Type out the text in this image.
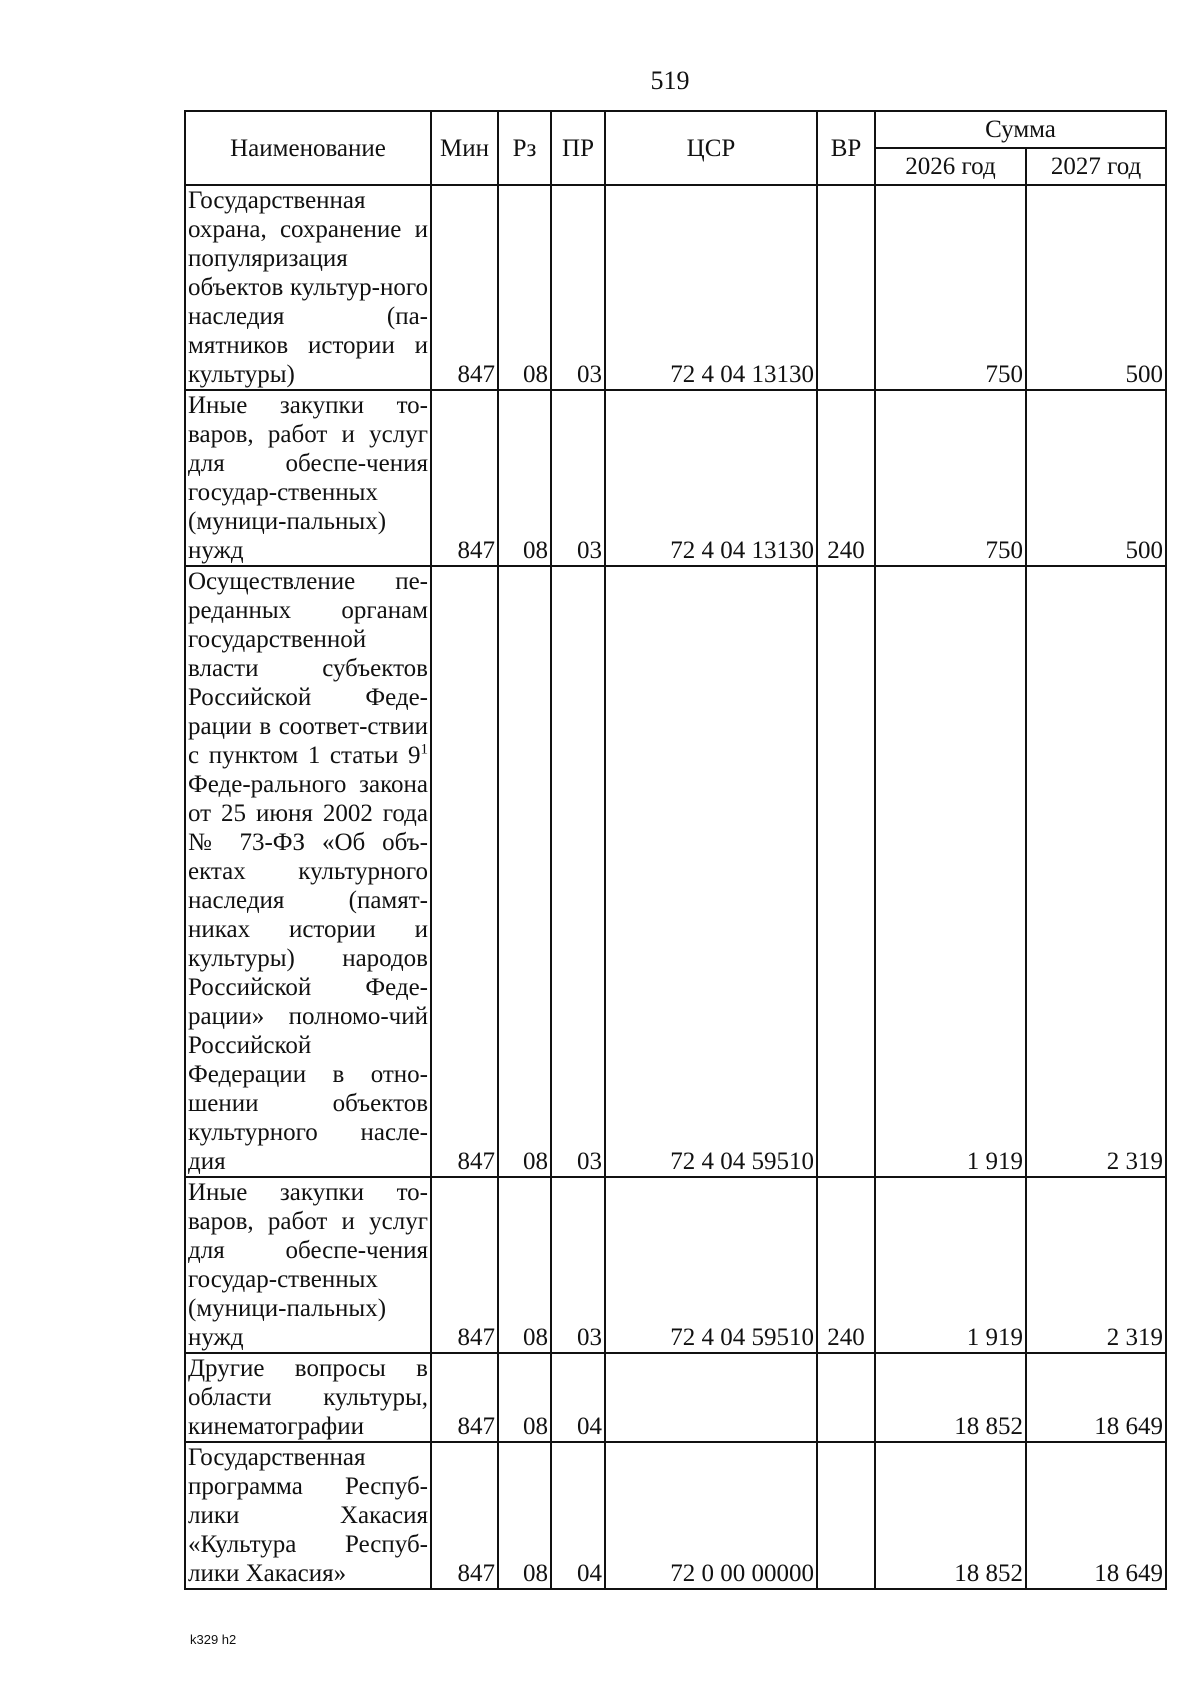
519
Наименование	Мин	Рз	ПР	ЦСР	ВР	Сумма	
						2026 год	2027 год
Государственная охрана, сохранение и популяризация объектов культур-ного наследия (па-мятников истории и культуры)	847	08	03	72 4 04 13130		750	500
Иные закупки то-варов, работ и услуг для обеспе-чения государ-ственных (муници-пальных) нужд	847	08	03	72 4 04 13130	240	750	500
Осуществление пе-реданных органам государственной власти субъектов Российской Феде-рации в соответ-ствии с пунктом 1 статьи $9^1$ Феде-рального закона от 25 июня 2002 года № 73-ФЗ «Об объ-ектах культурного наследия (памят-никах истории и культуры) народов Российской Феде-рации» полномо-чий Российской Федерации в отно-шении объектов культурного насле-дия	847	08	03	72 4 04 59510		1 919	2 319
Иные закупки то-варов, работ и услуг для обеспе-чения государ-ственных (муници-пальных) нужд	847	08	03	72 4 04 59510	240	1 919	2 319
Другие вопросы в области культуры, кинематографии	847	08	04			18 852	18 649
Государственная программа Респуб-лики Хакасия «Культура Респуб-лики Хакасия»	847	08	04	72 0 00 00000		18 852	18 649
k329 h2
